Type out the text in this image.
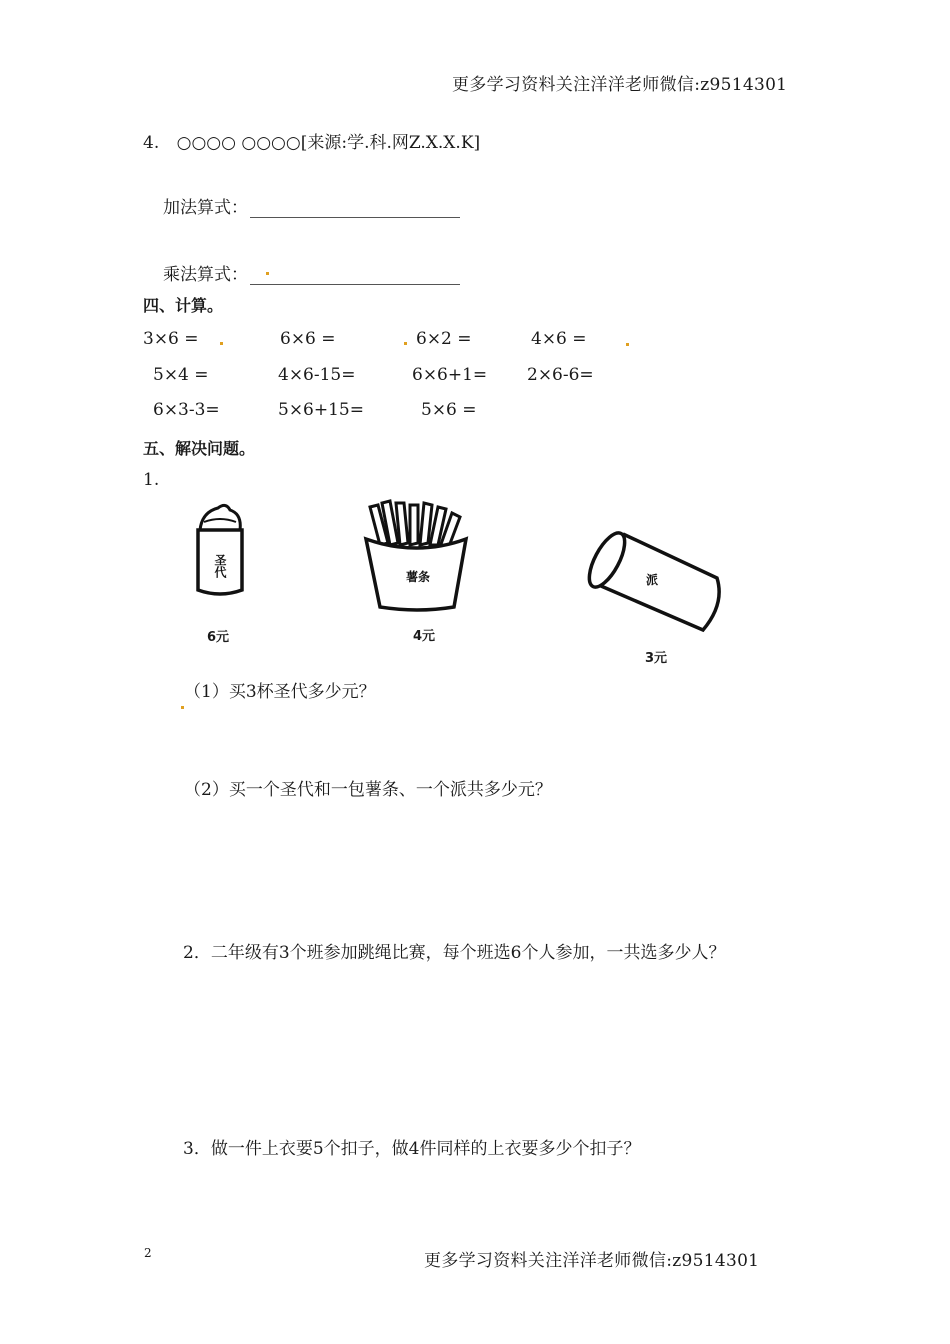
更多学习资料关注洋洋老师微信:z9514301
4. ○○○○ ○○○○[来源:学.科.网Z.X.X.K]
加法算式：
乘法算式：
四、计算。
3×6 =	6×6 =	6×2 =	4×6 =
5×4 =	4×6-15=	6×6+1= 2×6-6=
6×3-3=	5×6+15=	5×6 =
五、解决问题。
1.
圣代
6元
薯条
4元
派
3元
（1）买3杯圣代多少元？
（2）买一个圣代和一包薯条、一个派共多少元？
2．二年级有3个班参加跳绳比赛，每个班选6个人参加，一共选多少人？
3．做一件上衣要5个扣子，做4件同样的上衣要多少个扣子？
2	更多学习资料关注洋洋老师微信:z9514301
